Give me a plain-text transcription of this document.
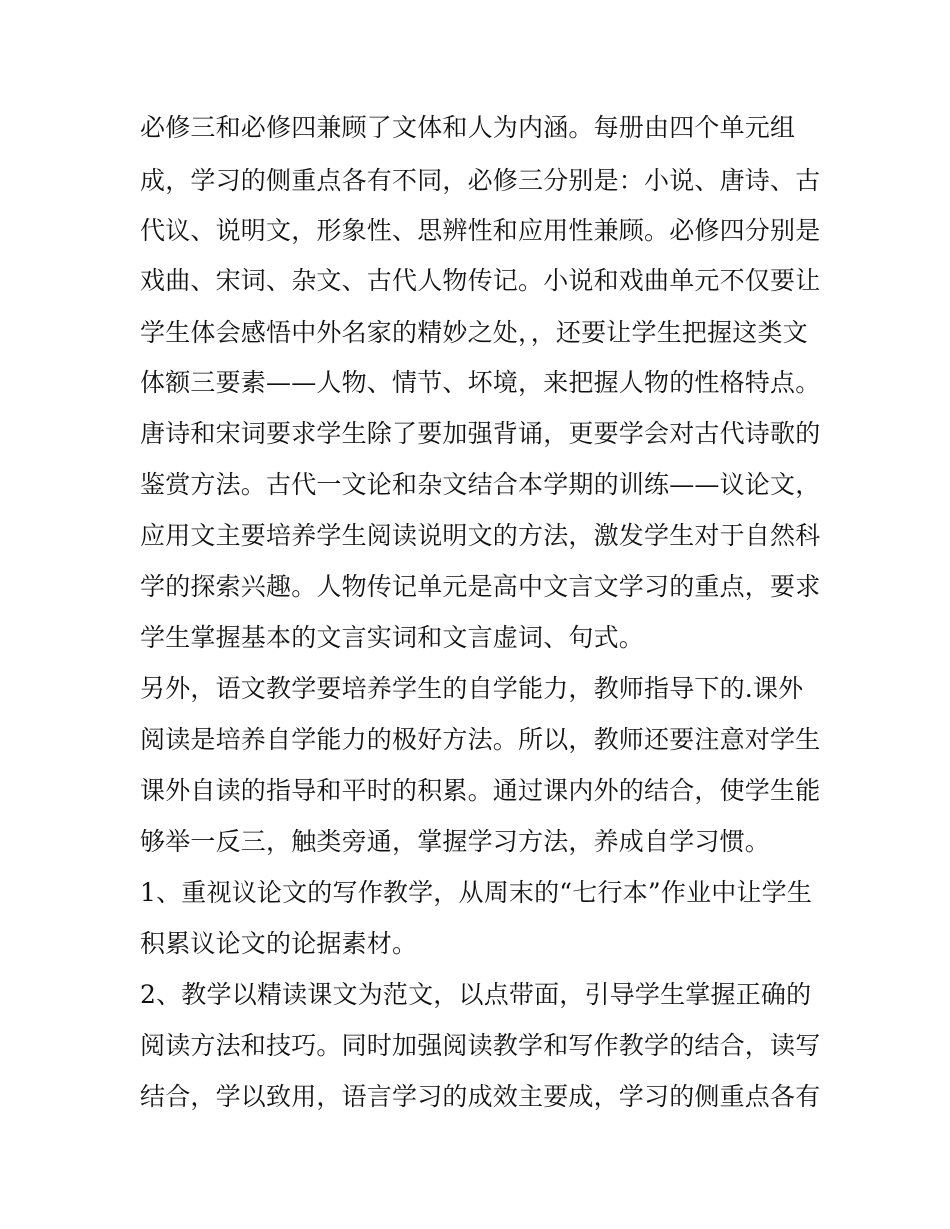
必修三和必修四兼顾了文体和人为内涵。每册由四个单元组

成，学习的侧重点各有不同，必修三分别是：小说、唐诗、古

代议、说明文，形象性、思辨性和应用性兼顾。必修四分别是

戏曲、宋词、杂文、古代人物传记。小说和戏曲单元不仅要让

学生体会感悟中外名家的精妙之处，，还要让学生把握这类文

体额三要素——人物、情节、坏境，来把握人物的性格特点。

唐诗和宋词要求学生除了要加强背诵，更要学会对古代诗歌的

鉴赏方法。古代一文论和杂文结合本学期的训练——议论文，

应用文主要培养学生阅读说明文的方法，激发学生对于自然科

学的探索兴趣。人物传记单元是高中文言文学习的重点，要求

学生掌握基本的文言实词和文言虚词、句式。

另外，语文教学要培养学生的自学能力，教师指导下的.课外

阅读是培养自学能力的极好方法。所以，教师还要注意对学生

课外自读的指导和平时的积累。通过课内外的结合，使学生能

够举一反三，触类旁通，掌握学习方法，养成自学习惯。

1、重视议论文的写作教学，从周末的“七行本”作业中让学生

积累议论文的论据素材。

2、教学以精读课文为范文，以点带面，引导学生掌握正确的

阅读方法和技巧。同时加强阅读教学和写作教学的结合，读写

结合，学以致用，语言学习的成效主要成，学习的侧重点各有
